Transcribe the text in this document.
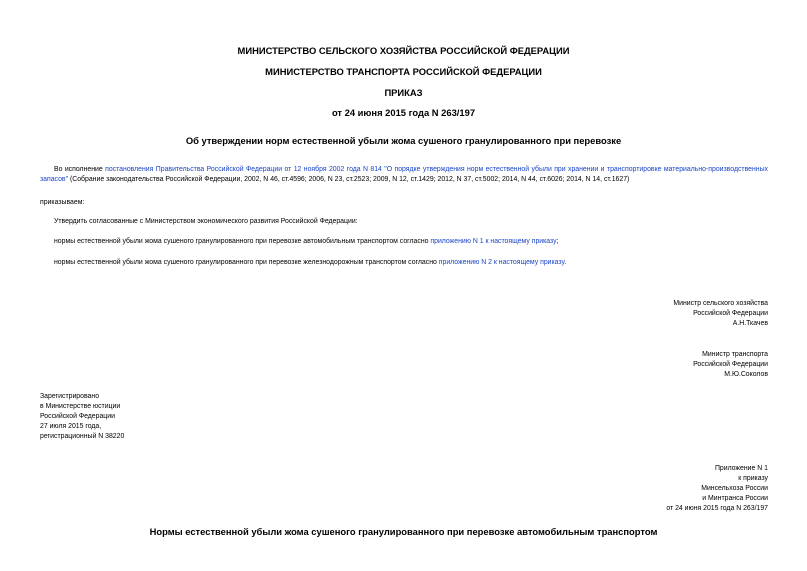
МИНИСТЕРСТВО СЕЛЬСКОГО ХОЗЯЙСТВА РОССИЙСКОЙ ФЕДЕРАЦИИ
МИНИСТЕРСТВО ТРАНСПОРТА РОССИЙСКОЙ ФЕДЕРАЦИИ
ПРИКАЗ
от 24 июня 2015 года N 263/197
Об утверждении норм естественной убыли жома сушеного гранулированного при перевозке
Во исполнение постановления Правительства Российской Федерации от 12 ноября 2002 года N 814 "О порядке утверждения норм естественной убыли при хранении и транспортировке материально-производственных запасов" (Собрание законодательства Российской Федерации, 2002, N 46, ст.4596; 2006, N 23, ст.2523; 2009, N 12, ст.1429; 2012, N 37, ст.5002; 2014, N 44, ст.6026; 2014, N 14, ст.1627)
приказываем:
Утвердить согласованные с Министерством экономического развития Российской Федерации:
нормы естественной убыли жома сушеного гранулированного при перевозке автомобильным транспортом согласно приложению N 1 к настоящему приказу;
нормы естественной убыли жома сушеного гранулированного при перевозке железнодорожным транспортом согласно приложению N 2 к настоящему приказу.
Министр сельского хозяйства
Российской Федерации
А.Н.Ткачев
Министр транспорта
Российской Федерации
М.Ю.Соколов
Зарегистрировано
в Министерстве юстиции
Российской Федерации
27 июля 2015 года,
регистрационный N 38220
Приложение N 1
к приказу
Минсельхоза России
и Минтранса России
от 24 июня 2015 года N 263/197
Нормы естественной убыли жома сушеного гранулированного при перевозке автомобильным транспортом
